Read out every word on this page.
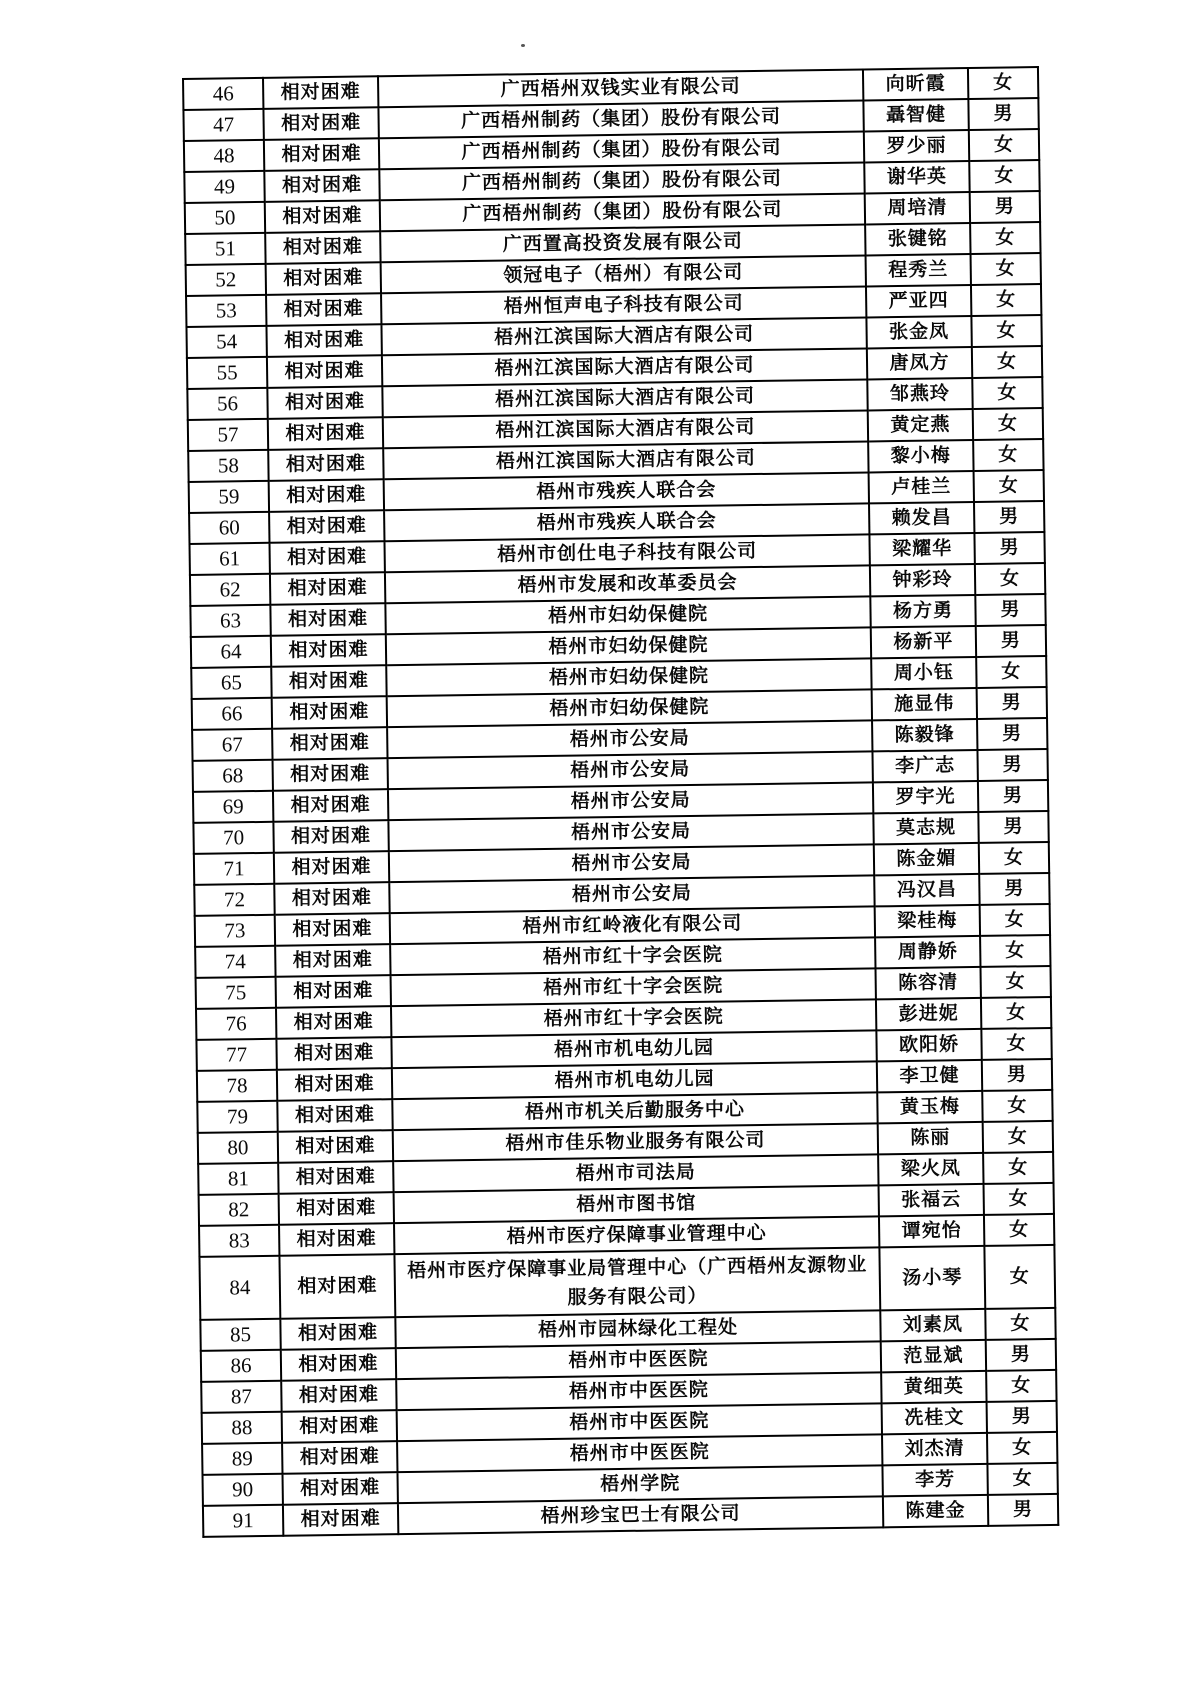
46	相对困难	广西梧州双钱实业有限公司	向昕霞	女
47	相对困难	广西梧州制药（集团）股份有限公司	聶智健	男
48	相对困难	广西梧州制药（集团）股份有限公司	罗少丽	女
49	相对困难	广西梧州制药（集团）股份有限公司	谢华英	女
50	相对困难	广西梧州制药（集团）股份有限公司	周培清	男
51	相对困难	广西置高投资发展有限公司	张键铭	女
52	相对困难	领冠电子（梧州）有限公司	程秀兰	女
53	相对困难	梧州恒声电子科技有限公司	严亚四	女
54	相对困难	梧州江滨国际大酒店有限公司	张金凤	女
55	相对困难	梧州江滨国际大酒店有限公司	唐凤方	女
56	相对困难	梧州江滨国际大酒店有限公司	邹燕玲	女
57	相对困难	梧州江滨国际大酒店有限公司	黄定燕	女
58	相对困难	梧州江滨国际大酒店有限公司	黎小梅	女
59	相对困难	梧州市残疾人联合会	卢桂兰	女
60	相对困难	梧州市残疾人联合会	赖发昌	男
61	相对困难	梧州市创仕电子科技有限公司	梁耀华	男
62	相对困难	梧州市发展和改革委员会	钟彩玲	女
63	相对困难	梧州市妇幼保健院	杨方勇	男
64	相对困难	梧州市妇幼保健院	杨新平	男
65	相对困难	梧州市妇幼保健院	周小钰	女
66	相对困难	梧州市妇幼保健院	施显伟	男
67	相对困难	梧州市公安局	陈毅锋	男
68	相对困难	梧州市公安局	李广志	男
69	相对困难	梧州市公安局	罗宇光	男
70	相对困难	梧州市公安局	莫志规	男
71	相对困难	梧州市公安局	陈金媚	女
72	相对困难	梧州市公安局	冯汉昌	男
73	相对困难	梧州市红岭液化有限公司	梁桂梅	女
74	相对困难	梧州市红十字会医院	周静娇	女
75	相对困难	梧州市红十字会医院	陈容清	女
76	相对困难	梧州市红十字会医院	彭进妮	女
77	相对困难	梧州市机电幼儿园	欧阳娇	女
78	相对困难	梧州市机电幼儿园	李卫健	男
79	相对困难	梧州市机关后勤服务中心	黄玉梅	女
80	相对困难	梧州市佳乐物业服务有限公司	陈丽	女
81	相对困难	梧州市司法局	梁火凤	女
82	相对困难	梧州市图书馆	张福云	女
83	相对困难	梧州市医疗保障事业管理中心	谭宛怡	女
84	相对困难	梧州市医疗保障事业局管理中心（广西梧州友源物业服务有限公司）	汤小琴	女
85	相对困难	梧州市园林绿化工程处	刘素凤	女
86	相对困难	梧州市中医医院	范显斌	男
87	相对困难	梧州市中医医院	黄细英	女
88	相对困难	梧州市中医医院	冼桂文	男
89	相对困难	梧州市中医医院	刘杰清	女
90	相对困难	梧州学院	李芳	女
91	相对困难	梧州珍宝巴士有限公司	陈建金	男
